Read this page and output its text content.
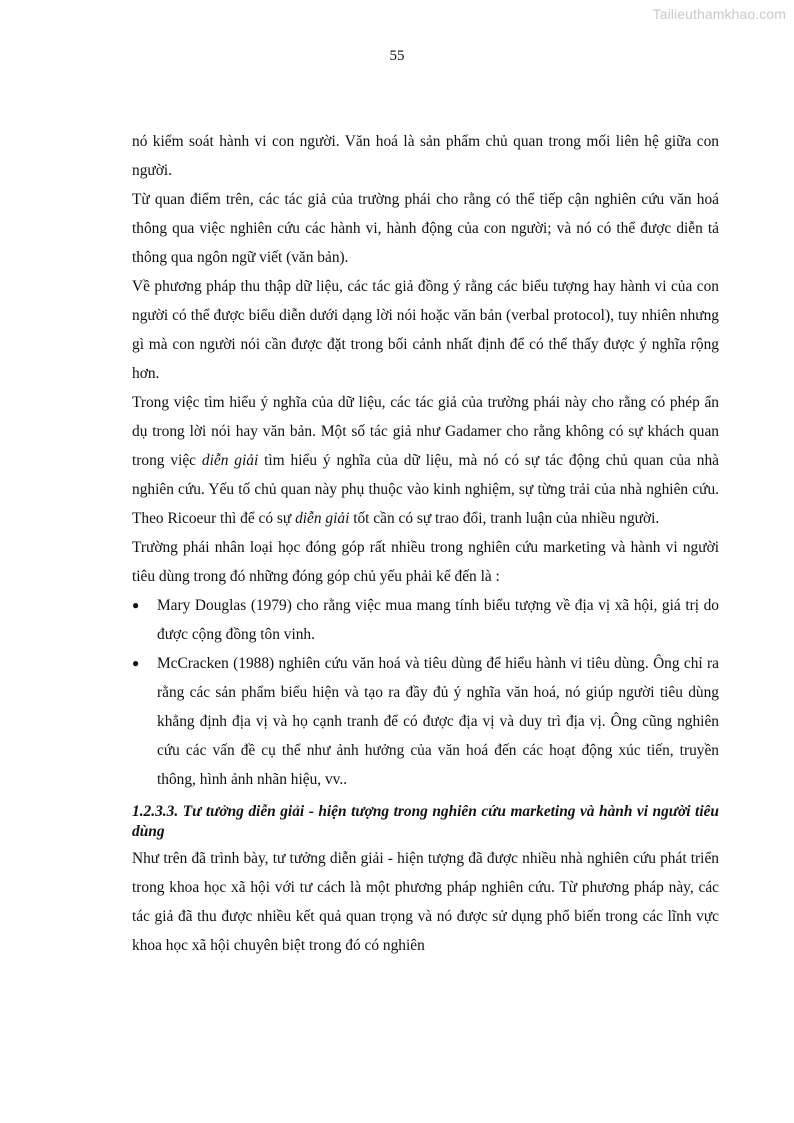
Tailieuthamkhao.com
55

nó kiểm soát hành vi con người. Văn hoá là sản phẩm chủ quan trong mối liên hệ giữa con người.

Từ quan điểm trên, các tác giả của trường phái cho rằng có thể tiếp cận nghiên cứu văn hoá thông qua việc nghiên cứu các hành vi, hành động của con người; và nó có thể được diễn tả thông qua ngôn ngữ viết (văn bản).

Về phương pháp thu thập dữ liệu, các tác giả đồng ý rằng các biểu tượng hay hành vi của con người có thể được biểu diễn dưới dạng lời nói hoặc văn bản (verbal protocol), tuy nhiên nhưng gì mà con người nói cần được đặt trong bối cảnh nhất định để có thể thấy được ý nghĩa rộng hơn.

Trong việc tìm hiểu ý nghĩa của dữ liệu, các tác giả của trường phái này cho rằng có phép ẩn dụ trong lời nói hay văn bản. Một số tác giả như Gadamer cho rằng không có sự khách quan trong việc diễn giải tìm hiểu ý nghĩa của dữ liệu, mà nó có sự tác động chủ quan của nhà nghiên cứu. Yếu tố chủ quan này phụ thuộc vào kinh nghiệm, sự từng trải của nhà nghiên cứu. Theo Ricoeur thì để có sự diễn giải tốt cần có sự trao đổi, tranh luận của nhiều người.

Trường phái nhân loại học đóng góp rất nhiều trong nghiên cứu marketing và hành vi người tiêu dùng trong đó những đóng góp chủ yếu phải kể đến là :

● Mary Douglas (1979) cho rằng việc mua mang tính biểu tượng về địa vị xã hội, giá trị do được cộng đồng tôn vinh.
● McCracken (1988) nghiên cứu văn hoá và tiêu dùng để hiểu hành vi tiêu dùng. Ông chỉ ra rằng các sản phẩm biểu hiện và tạo ra đầy đủ ý nghĩa văn hoá, nó giúp người tiêu dùng khẳng định địa vị và họ cạnh tranh để có được địa vị và duy trì địa vị. Ông cũng nghiên cứu các vấn đề cụ thể như ảnh hưởng của văn hoá đến các hoạt động xúc tiến, truyền thông, hình ảnh nhãn hiệu, vv..
1.2.3.3. Tư tưởng diễn giải - hiện tượng trong nghiên cứu marketing và hành vi người tiêu dùng

Như trên đã trình bày, tư tưởng diễn giải - hiện tượng đã được nhiều nhà nghiên cứu phát triển trong khoa học xã hội với tư cách là một phương pháp nghiên cứu. Từ phương pháp này, các tác giả đã thu được nhiều kết quả quan trọng và nó được sử dụng phổ biến trong các lĩnh vực khoa học xã hội chuyên biệt trong đó có nghiên
